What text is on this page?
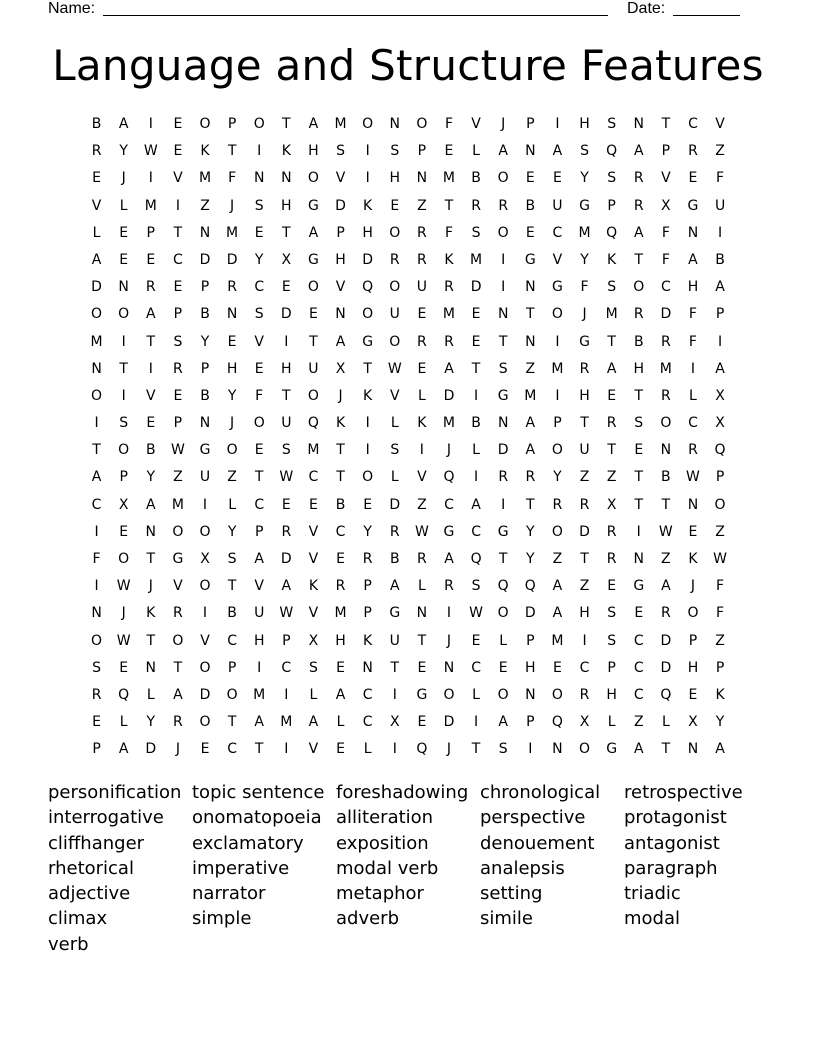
Name:	Date:
Language and Structure Features
B	A	I	E	O	P	O	T	A	M	O	N	O	F	V	J	P	I	H	S	N	T	C	V
R	Y	W	E	K	T	I	K	H	S	I	S	P	E	L	A	N	A	S	Q	A	P	R	Z
E	J	I	V	M	F	N	N	O	V	I	H	N	M	B	O	E	E	Y	S	R	V	E	F
V	L	M	I	Z	J	S	H	G	D	K	E	Z	T	R	R	B	U	G	P	R	X	G	U
L	E	P	T	N	M	E	T	A	P	H	O	R	F	S	O	E	C	M	Q	A	F	N	I
A	E	E	C	D	D	Y	X	G	H	D	R	R	K	M	I	G	V	Y	K	T	F	A	B
D	N	R	E	P	R	C	E	O	V	Q	O	U	R	D	I	N	G	F	S	O	C	H	A
O	O	A	P	B	N	S	D	E	N	O	U	E	M	E	N	T	O	J	M	R	D	F	P
M	I	T	S	Y	E	V	I	T	A	G	O	R	R	E	T	N	I	G	T	B	R	F	I
N	T	I	R	P	H	E	H	U	X	T	W	E	A	T	S	Z	M	R	A	H	M	I	A
O	I	V	E	B	Y	F	T	O	J	K	V	L	D	I	G	M	I	H	E	T	R	L	X
I	S	E	P	N	J	O	U	Q	K	I	L	K	M	B	N	A	P	T	R	S	O	C	X
T	O	B	W	G	O	E	S	M	T	I	S	I	J	L	D	A	O	U	T	E	N	R	Q
A	P	Y	Z	U	Z	T	W	C	T	O	L	V	Q	I	R	R	Y	Z	Z	T	B	W	P
C	X	A	M	I	L	C	E	E	B	E	D	Z	C	A	I	T	R	R	X	T	T	N	O
I	E	N	O	O	Y	P	R	V	C	Y	R	W	G	C	G	Y	O	D	R	I	W	E	Z
F	O	T	G	X	S	A	D	V	E	R	B	R	A	Q	T	Y	Z	T	R	N	Z	K	W
I	W	J	V	O	T	V	A	K	R	P	A	L	R	S	Q	Q	A	Z	E	G	A	J	F
N	J	K	R	I	B	U	W	V	M	P	G	N	I	W	O	D	A	H	S	E	R	O	F
O	W	T	O	V	C	H	P	X	H	K	U	T	J	E	L	P	M	I	S	C	D	P	Z
S	E	N	T	O	P	I	C	S	E	N	T	E	N	C	E	H	E	C	P	C	D	H	P
R	Q	L	A	D	O	M	I	L	A	C	I	G	O	L	O	N	O	R	H	C	Q	E	K
E	L	Y	R	O	T	A	M	A	L	C	X	E	D	I	A	P	Q	X	L	Z	L	X	Y
P	A	D	J	E	C	T	I	V	E	L	I	Q	J	T	S	I	N	O	G	A	T	N	A
personification
interrogative
cliffhanger
rhetorical
adjective
climax
verb
topic sentence
onomatopoeia
exclamatory
imperative
narrator
simple
foreshadowing
alliteration
exposition
modal verb
metaphor
adverb
chronological
perspective
denouement
analepsis
setting
simile
retrospective
protagonist
antagonist
paragraph
triadic
modal
